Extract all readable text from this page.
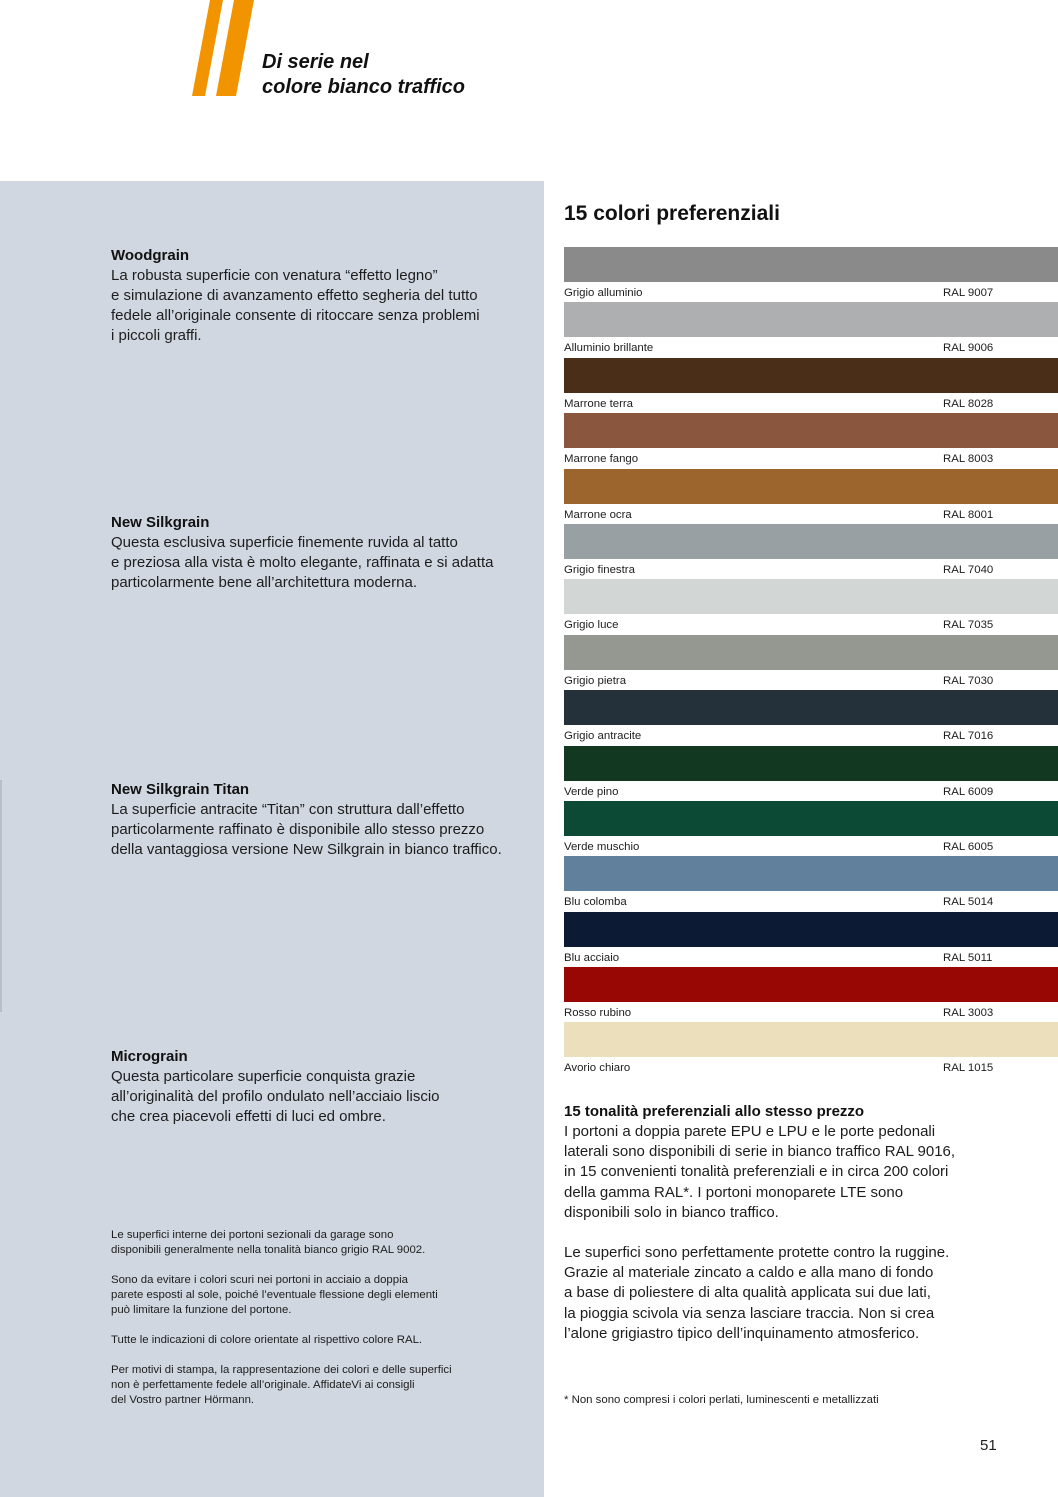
Di serie nel
colore bianco traffico
Woodgrain

La robusta superficie con venatura “effetto legno”
e simulazione di avanzamento effetto segheria del tutto
fedele all’originale consente di ritoccare senza problemi
i piccoli graffi.

New Silkgrain

Questa esclusiva superficie finemente ruvida al tatto
e preziosa alla vista è molto elegante, raffinata e si adatta
particolarmente bene all’architettura moderna.

New Silkgrain Titan

La superficie antracite “Titan” con struttura dall’effetto
particolarmente raffinato è disponibile allo stesso prezzo
della vantaggiosa versione New Silkgrain in bianco traffico.

Micrograin

Questa particolare superficie conquista grazie
all’originalità del profilo ondulato nell’acciaio liscio
che crea piacevoli effetti di luci ed ombre.

Le superfici interne dei portoni sezionali da garage sono
disponibili generalmente nella tonalità bianco grigio RAL 9002.

Sono da evitare i colori scuri nei portoni in acciaio a doppia
parete esposti al sole, poiché l’eventuale flessione degli elementi
può limitare la funzione del portone.

Tutte le indicazioni di colore orientate al rispettivo colore RAL.

Per motivi di stampa, la rappresentazione dei colori e delle superfici
non è perfettamente fedele all’originale. AffidateVi ai consigli
del Vostro partner Hörmann.

15 colori preferenziali
Grigio alluminio	RAL 9007
Alluminio brillante	RAL 9006
Marrone terra	RAL 8028
Marrone fango	RAL 8003
Marrone ocra	RAL 8001
Grigio finestra	RAL 7040
Grigio luce	RAL 7035
Grigio pietra	RAL 7030
Grigio antracite	RAL 7016
Verde pino	RAL 6009
Verde muschio	RAL 6005
Blu colomba	RAL 5014
Blu acciaio	RAL 5011
Rosso rubino	RAL 3003
Avorio chiaro	RAL 1015
15 tonalità preferenziali allo stesso prezzo

I portoni a doppia parete EPU e LPU e le porte pedonali
laterali sono disponibili di serie in bianco traffico RAL 9016,
in 15 convenienti tonalità preferenziali e in circa 200 colori
della gamma RAL*. I portoni monoparete LTE sono
disponibili solo in bianco traffico.

Le superfici sono perfettamente protette contro la ruggine.
Grazie al materiale zincato a caldo e alla mano di fondo
a base di poliestere di alta qualità applicata sui due lati,
la pioggia scivola via senza lasciare traccia. Non si crea
l’alone grigiastro tipico dell’inquinamento atmosferico.

* Non sono compresi i colori perlati, luminescenti e metallizzati

51
